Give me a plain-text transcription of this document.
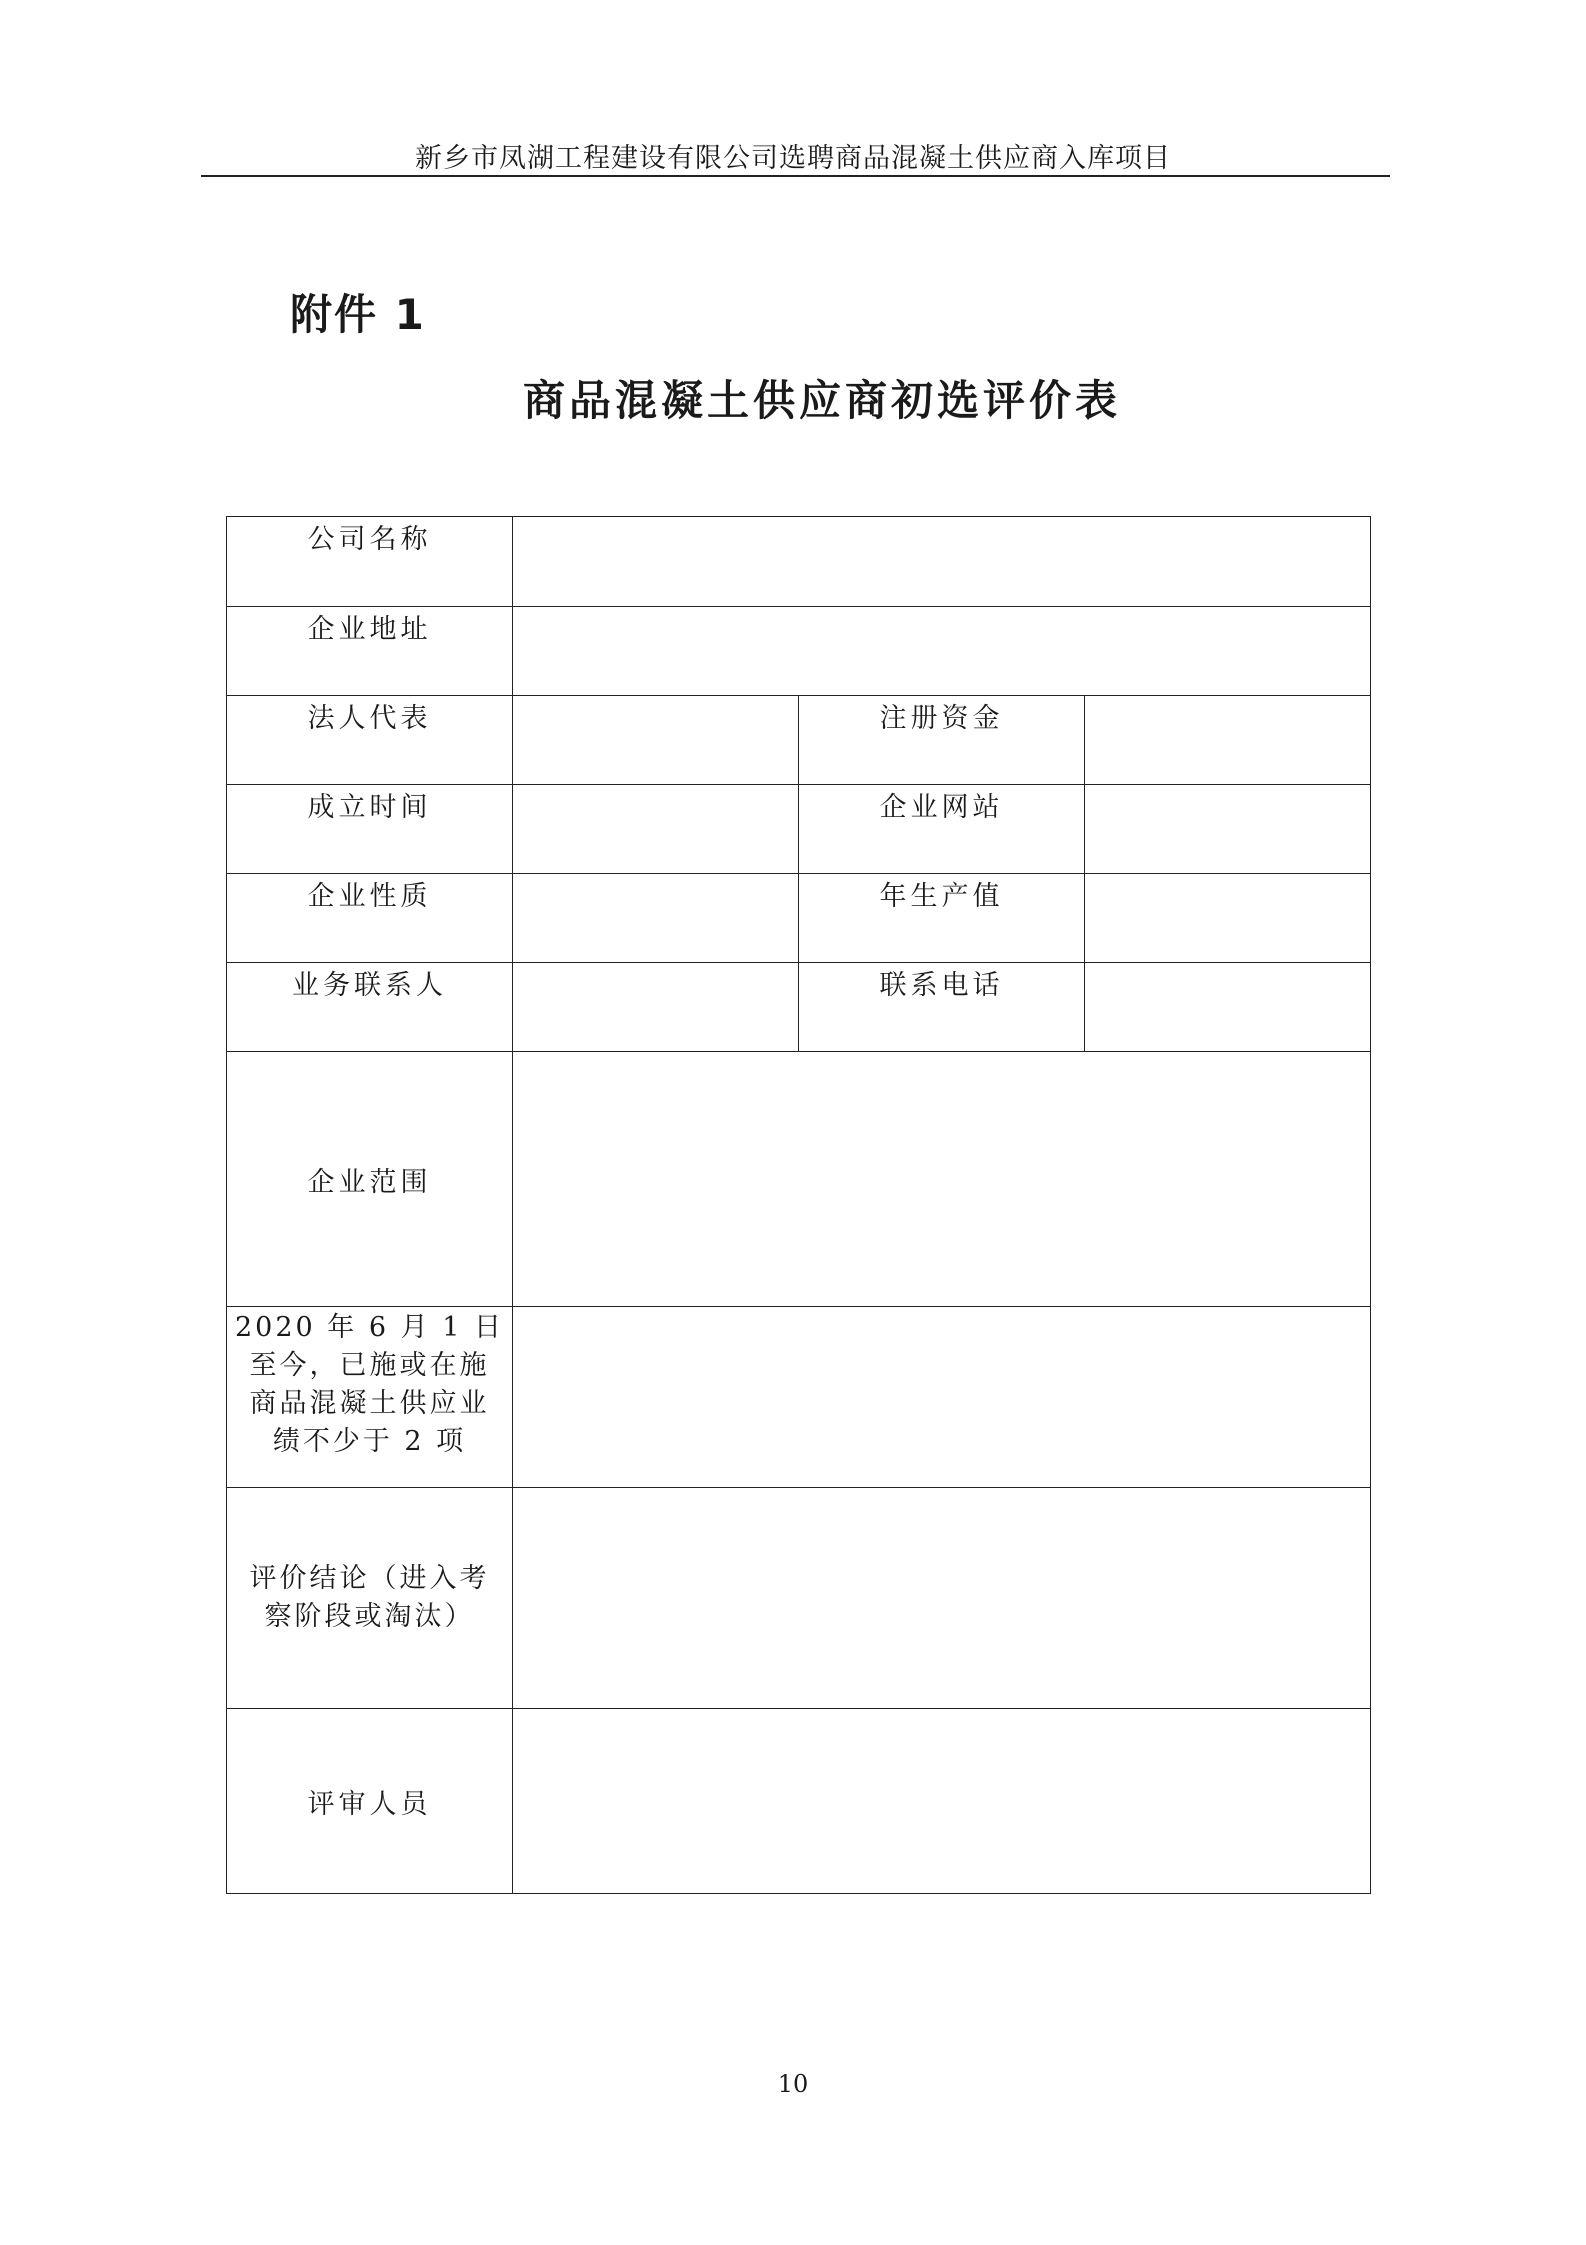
新乡市凤湖工程建设有限公司选聘商品混凝土供应商入库项目
附件 1
商品混凝土供应商初选评价表
公司名称			
企业地址			
法人代表		注册资金	
成立时间		企业网站	
企业性质		年生产值	
业务联系人		联系电话	
企业范围			
2020 年 6 月 1 日至今，已施或在施商品混凝土供应业绩不少于 2 项			
评价结论（进入考察阶段或淘汰）			
评审人员			
10
